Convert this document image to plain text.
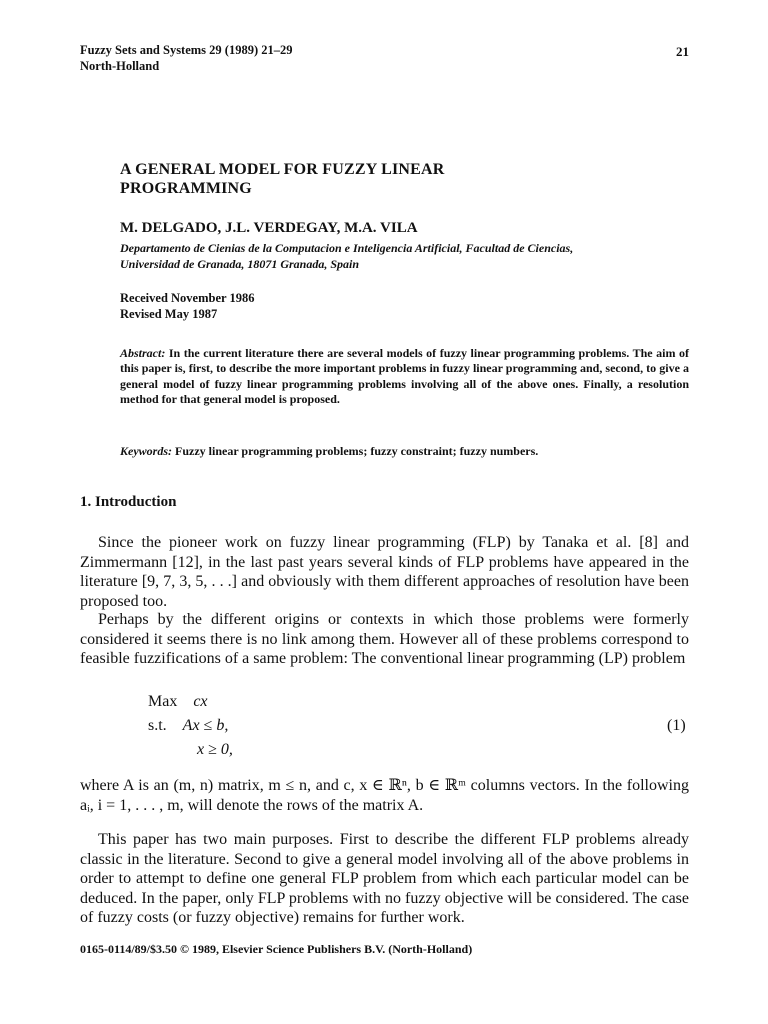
Fuzzy Sets and Systems 29 (1989) 21–29
North-Holland
21
A GENERAL MODEL FOR FUZZY LINEAR
PROGRAMMING
M. DELGADO, J.L. VERDEGAY, M.A. VILA
Departamento de Cienias de la Computacion e Inteligencia Artificial, Facultad de Ciencias,
Universidad de Granada, 18071 Granada, Spain
Received November 1986
Revised May 1987
Abstract: In the current literature there are several models of fuzzy linear programming problems. The aim of this paper is, first, to describe the more important problems in fuzzy linear programming and, second, to give a general model of fuzzy linear programming problems involving all of the above ones. Finally, a resolution method for that general model is proposed.
Keywords: Fuzzy linear programming problems; fuzzy constraint; fuzzy numbers.
1. Introduction
Since the pioneer work on fuzzy linear programming (FLP) by Tanaka et al. [8] and Zimmermann [12], in the last past years several kinds of FLP problems have appeared in the literature [9, 7, 3, 5, . . .] and obviously with them different approaches of resolution have been proposed too.
Perhaps by the different origins or contexts in which those problems were formerly considered it seems there is no link among them. However all of these problems correspond to feasible fuzzifications of a same problem: The conventional linear programming (LP) problem
Max cx
s.t. Ax ≤ b,
x ≥ 0,
(1)
where A is an (m, n) matrix, m ≤ n, and c, x ∈ ℝⁿ, b ∈ ℝᵐ columns vectors. In the following aᵢ, i = 1, . . . , m, will denote the rows of the matrix A.
This paper has two main purposes. First to describe the different FLP problems already classic in the literature. Second to give a general model involving all of the above problems in order to attempt to define one general FLP problem from which each particular model can be deduced. In the paper, only FLP problems with no fuzzy objective will be considered. The case of fuzzy costs (or fuzzy objective) remains for further work.
0165-0114/89/$3.50 © 1989, Elsevier Science Publishers B.V. (North-Holland)
